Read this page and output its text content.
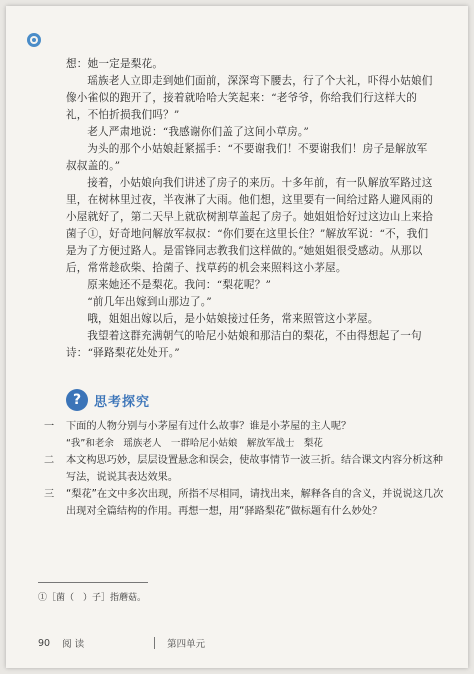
想：她一定是梨花。

瑶族老人立即走到她们面前，深深弯下腰去，行了个大礼，吓得小姑娘们像小雀似的跑开了，接着就哈哈大笑起来：“老爷爷，你给我们行这样大的礼，不怕折损我们吗？”

老人严肃地说：“我感谢你们盖了这间小草房。”

为头的那个小姑娘赶紧摇手：“不要谢我们！不要谢我们！房子是解放军叔叔盖的。”

接着，小姑娘向我们讲述了房子的来历。十多年前，有一队解放军路过这里，在树林里过夜，半夜淋了大雨。他们想，这里要有一间给过路人避风雨的小屋就好了，第二天早上就砍树割草盖起了房子。她姐姐恰好过这边山上来拾菌子①，好奇地问解放军叔叔：“你们要在这里长住？”解放军说：“不，我们是为了方便过路人。是雷锋同志教我们这样做的。”她姐姐很受感动。从那以后，常常趁砍柴、拾菌子、找草药的机会来照料这小茅屋。

原来她还不是梨花。我问：“梨花呢？”

“前几年出嫁到山那边了。”

哦，姐姐出嫁以后，是小姑娘接过任务，常来照管这小茅屋。

我望着这群充满朝气的哈尼小姑娘和那洁白的梨花，不由得想起了一句诗：“驿路梨花处处开。”

? 思考探究
一	下面的人物分别与小茅屋有过什么故事？谁是小茅屋的主人呢？
“我”和老余　瑶族老人　一群哈尼小姑娘　解放军战士　梨花
二	本文构思巧妙，层层设置悬念和误会，使故事情节一波三折。结合课文内容分析这种写法，说说其表达效果。
三	“梨花”在文中多次出现，所指不尽相同，请找出来，解释各自的含义，并说说这几次出现对全篇结构的作用。再想一想，用“驿路梨花”做标题有什么妙处？
①［菌（　）子］指蘑菇。
90 阅 读	第四单元
